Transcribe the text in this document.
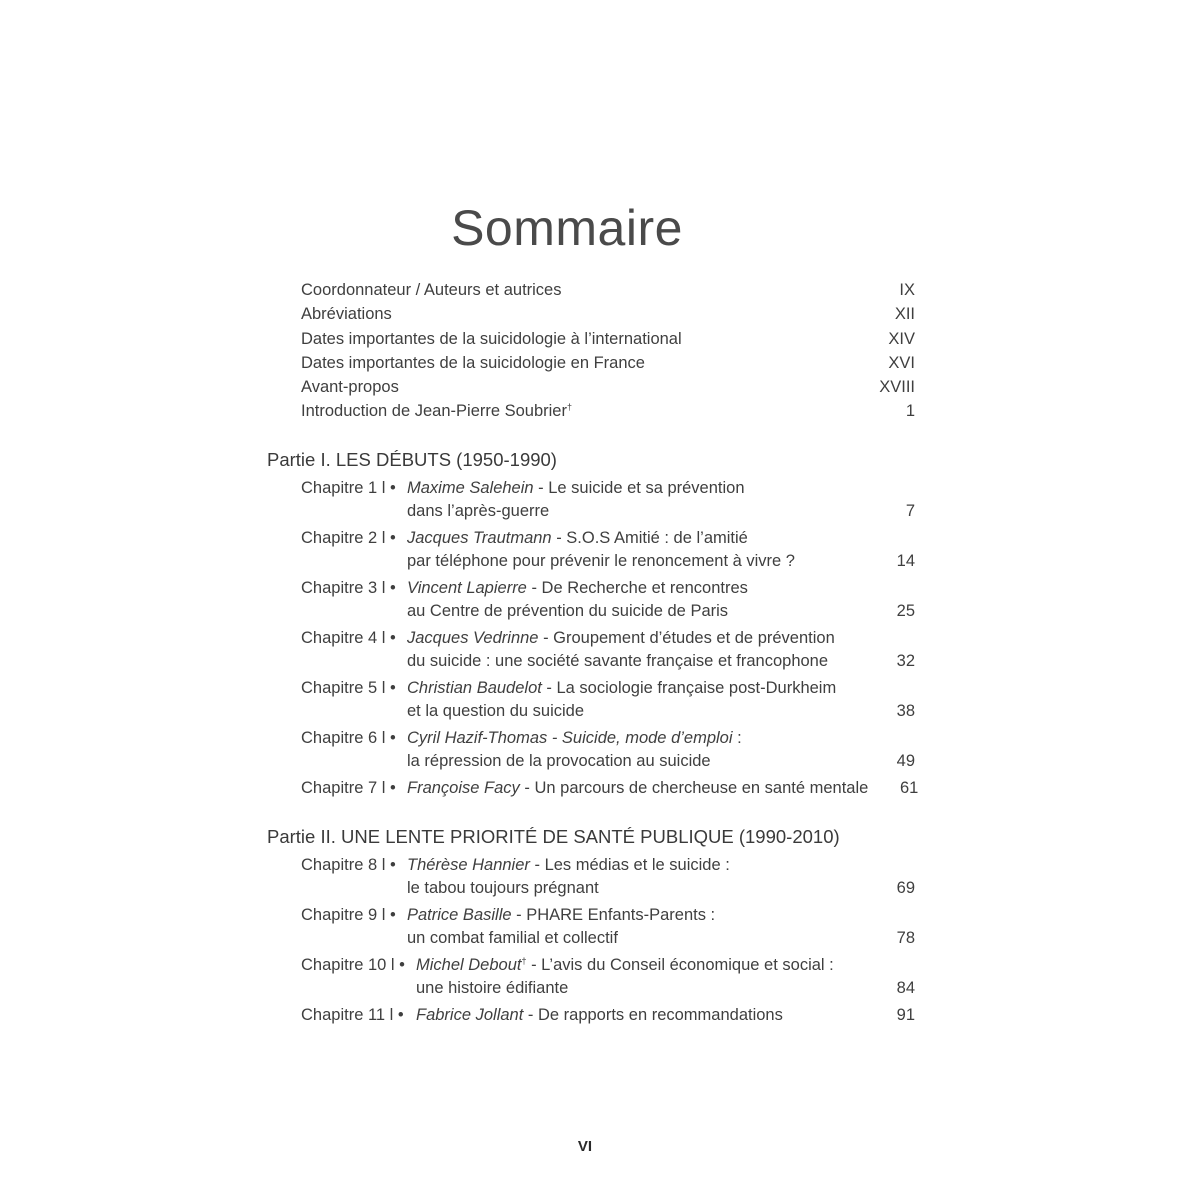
Sommaire
Coordonnateur / Auteurs et autrices	IX
Abréviations	XII
Dates importantes de la suicidologie à l’international	XIV
Dates importantes de la suicidologie en France	XVI
Avant-propos	XVIII
Introduction de Jean-Pierre Soubrier†	1
Partie I. LES DÉBUTS (1950-1990)
Chapitre 1 l • Maxime Salehein - Le suicide et sa prévention
dans l’après-guerre	7
Chapitre 2 l • Jacques Trautmann - S.O.S Amitié : de l’amitié
par téléphone pour prévenir le renoncement à vivre ?	14
Chapitre 3 l • Vincent Lapierre - De Recherche et rencontres
au Centre de prévention du suicide de Paris	25
Chapitre 4 l • Jacques Vedrinne - Groupement d’études et de prévention
du suicide : une société savante française et francophone	32
Chapitre 5 l • Christian Baudelot - La sociologie française post-Durkheim
et la question du suicide	38
Chapitre 6 l • Cyril Hazif-Thomas - Suicide, mode d’emploi :
la répression de la provocation au suicide	49
Chapitre 7 l • Françoise Facy - Un parcours de chercheuse en santé mentale	61
Partie II. UNE LENTE PRIORITÉ DE SANTÉ PUBLIQUE (1990-2010)
Chapitre 8 l • Thérèse Hannier - Les médias et le suicide :
le tabou toujours prégnant	69
Chapitre 9 l • Patrice Basille - PHARE Enfants-Parents :
un combat familial et collectif	78
Chapitre 10 l • Michel Debout† - L’avis du Conseil économique et social :
une histoire édifiante	84
Chapitre 11 l • Fabrice Jollant - De rapports en recommandations	91
VI
